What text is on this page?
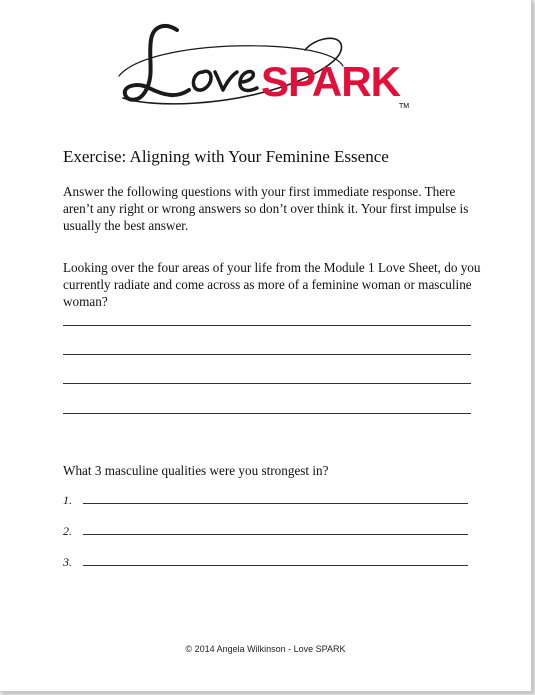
SPARK
TM
Exercise: Aligning with Your Feminine Essence

Answer the following questions with your first immediate response. There aren’t any right or wrong answers so don’t over think it. Your first impulse is usually the best answer.

Looking over the four areas of your life from the Module 1 Love Sheet, do you currently radiate and come across as more of a feminine woman or masculine woman?

What 3 masculine qualities were you strongest in?

1.
2.
3.
© 2014 Angela Wilkinson - Love SPARK
